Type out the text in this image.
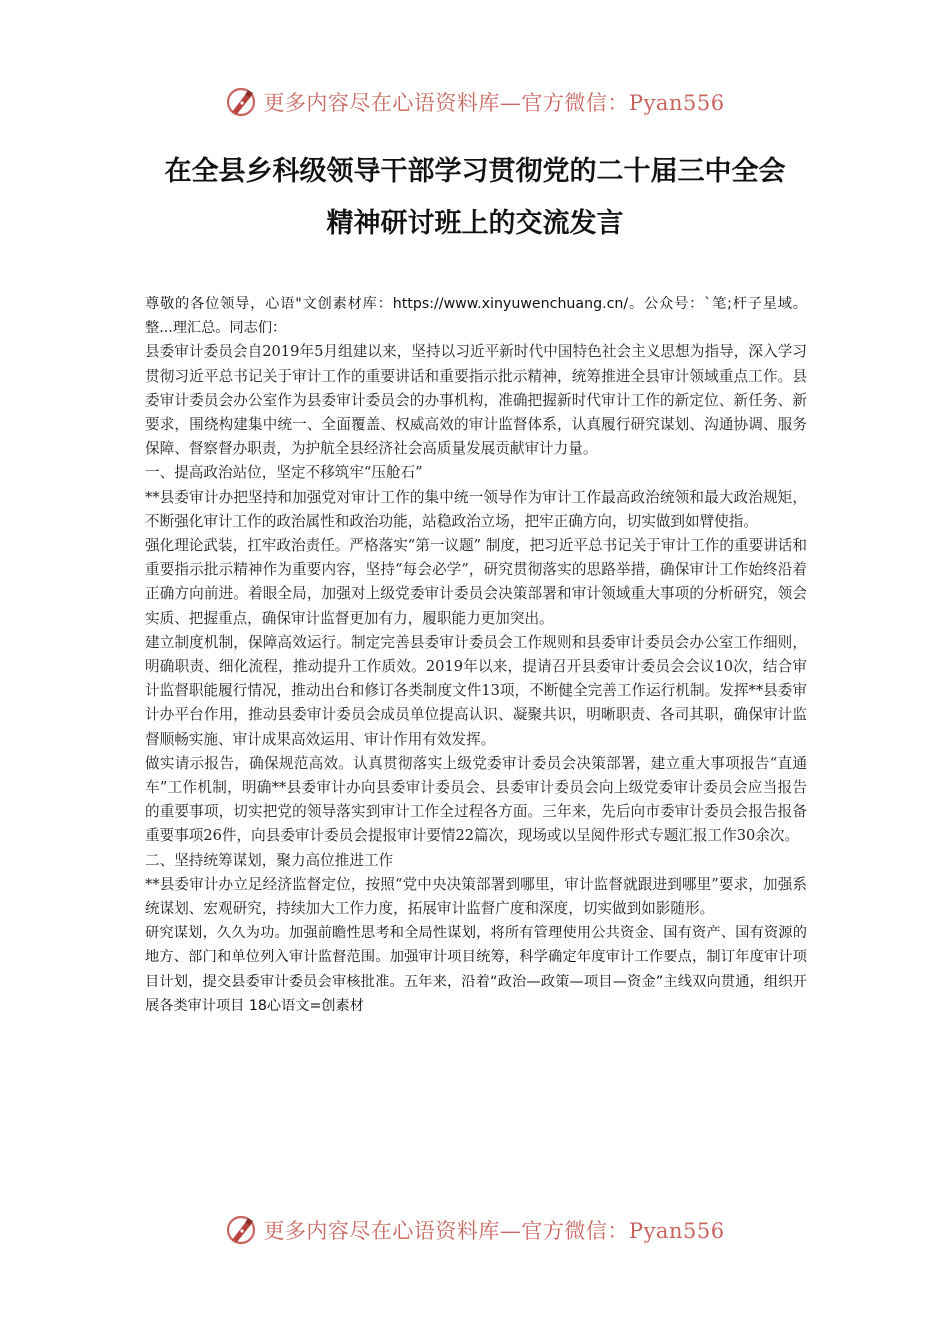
更多内容尽在心语资料库—官方微信：Pyan556
在全县乡科级领导干部学习贯彻党的二十届三中全会
精神研讨班上的交流发言

尊敬的各位领导，心语"文创素材库：https://www.xinyuwenchuang.cn/。公众号：`笔;杆子星域。整...理汇总。同志们：

县委审计委员会自2019年5月组建以来，坚持以习近平新时代中国特色社会主义思想为指导，深入学习贯彻习近平总书记关于审计工作的重要讲话和重要指示批示精神，统筹推进全县审计领域重点工作。县委审计委员会办公室作为县委审计委员会的办事机构，准确把握新时代审计工作的新定位、新任务、新要求，围绕构建集中统一、全面覆盖、权威高效的审计监督体系，认真履行研究谋划、沟通协调、服务保障、督察督办职责，为护航全县经济社会高质量发展贡献审计力量。

一、提高政治站位，坚定不移筑牢“压舱石”

**县委审计办把坚持和加强党对审计工作的集中统一领导作为审计工作最高政治统领和最大政治规矩，不断强化审计工作的政治属性和政治功能，站稳政治立场，把牢正确方向，切实做到如臂使指。

强化理论武装，扛牢政治责任。严格落实“第一议题” 制度，把习近平总书记关于审计工作的重要讲话和重要指示批示精神作为重要内容，坚持“每会必学”，研究贯彻落实的思路举措，确保审计工作始终沿着正确方向前进。着眼全局，加强对上级党委审计委员会决策部署和审计领域重大事项的分析研究，领会实质、把握重点，确保审计监督更加有力，履职能力更加突出。

建立制度机制，保障高效运行。制定完善县委审计委员会工作规则和县委审计委员会办公室工作细则，明确职责、细化流程，推动提升工作质效。2019年以来，提请召开县委审计委员会会议10次，结合审计监督职能履行情况，推动出台和修订各类制度文件13项，不断健全完善工作运行机制。发挥**县委审计办平台作用，推动县委审计委员会成员单位提高认识、凝聚共识，明晰职责、各司其职，确保审计监督顺畅实施、审计成果高效运用、审计作用有效发挥。

做实请示报告，确保规范高效。认真贯彻落实上级党委审计委员会决策部署，建立重大事项报告“直通车”工作机制，明确**县委审计办向县委审计委员会、县委审计委员会向上级党委审计委员会应当报告的重要事项，切实把党的领导落实到审计工作全过程各方面。三年来，先后向市委审计委员会报告报备重要事项26件，向县委审计委员会提报审计要情22篇次，现场或以呈阅件形式专题汇报工作30余次。

二、坚持统筹谋划，聚力高位推进工作

**县委审计办立足经济监督定位，按照“党中央决策部署到哪里，审计监督就跟进到哪里”要求，加强系统谋划、宏观研究，持续加大工作力度，拓展审计监督广度和深度，切实做到如影随形。

研究谋划，久久为功。加强前瞻性思考和全局性谋划，将所有管理使用公共资金、国有资产、国有资源的地方、部门和单位列入审计监督范围。加强审计项目统筹，科学确定年度审计工作要点，制订年度审计项目计划，提交县委审计委员会审核批准。五年来，沿着“政治—政策—项目—资金”主线双向贯通，组织开展各类审计项目 18心语文=创素材

更多内容尽在心语资料库—官方微信：Pyan556
